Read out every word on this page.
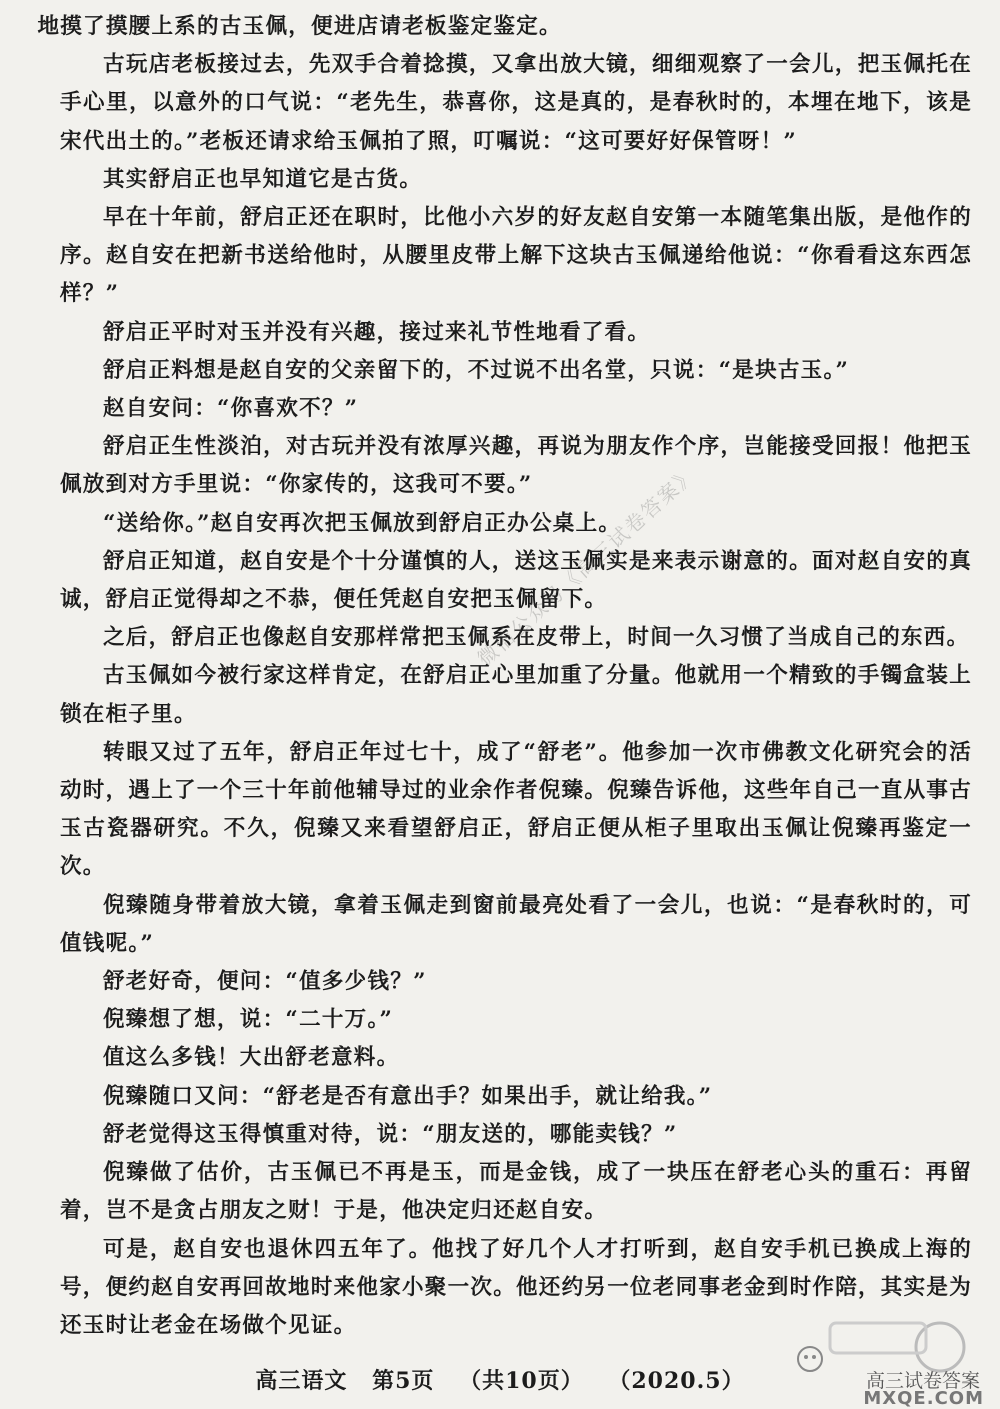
地摸了摸腰上系的古玉佩，便进店请老板鉴定鉴定。

古玩店老板接过去，先双手合着捻摸，又拿出放大镜，细细观察了一会儿，把玉佩托在手心里，以意外的口气说：“老先生，恭喜你，这是真的，是春秋时的，本埋在地下，该是宋代出土的。”老板还请求给玉佩拍了照，叮嘱说：“这可要好好保管呀！”

其实舒启正也早知道它是古货。

早在十年前，舒启正还在职时，比他小六岁的好友赵自安第一本随笔集出版，是他作的序。赵自安在把新书送给他时，从腰里皮带上解下这块古玉佩递给他说：“你看看这东西怎样？”

舒启正平时对玉并没有兴趣，接过来礼节性地看了看。

舒启正料想是赵自安的父亲留下的，不过说不出名堂，只说：“是块古玉。”

赵自安问：“你喜欢不？”

舒启正生性淡泊，对古玩并没有浓厚兴趣，再说为朋友作个序，岂能接受回报！他把玉佩放到对方手里说：“你家传的，这我可不要。”

“送给你。”赵自安再次把玉佩放到舒启正办公桌上。

舒启正知道，赵自安是个十分谨慎的人，送这玉佩实是来表示谢意的。面对赵自安的真诚，舒启正觉得却之不恭，便任凭赵自安把玉佩留下。

之后，舒启正也像赵自安那样常把玉佩系在皮带上，时间一久习惯了当成自己的东西。

古玉佩如今被行家这样肯定，在舒启正心里加重了分量。他就用一个精致的手镯盒装上锁在柜子里。

转眼又过了五年，舒启正年过七十，成了“舒老”。他参加一次市佛教文化研究会的活动时，遇上了一个三十年前他辅导过的业余作者倪臻。倪臻告诉他，这些年自己一直从事古玉古瓷器研究。不久，倪臻又来看望舒启正，舒启正便从柜子里取出玉佩让倪臻再鉴定一次。

倪臻随身带着放大镜，拿着玉佩走到窗前最亮处看了一会儿，也说：“是春秋时的，可值钱呢。”

舒老好奇，便问：“值多少钱？”

倪臻想了想，说：“二十万。”

值这么多钱！大出舒老意料。

倪臻随口又问：“舒老是否有意出手？如果出手，就让给我。”

舒老觉得这玉得慎重对待，说：“朋友送的，哪能卖钱？”

倪臻做了估价，古玉佩已不再是玉，而是金钱，成了一块压在舒老心头的重石：再留着，岂不是贪占朋友之财！于是，他决定归还赵自安。

可是，赵自安也退休四五年了。他找了好几个人才打听到，赵自安手机已换成上海的号，便约赵自安再回故地时来他家小聚一次。他还约另一位老同事老金到时作陪，其实是为还玉时让老金在场做个见证。

微信公众号《高三试卷答案》
高三语文 第5页 （共10页） （2020.5）	高三试卷答案
MXQE.COM
